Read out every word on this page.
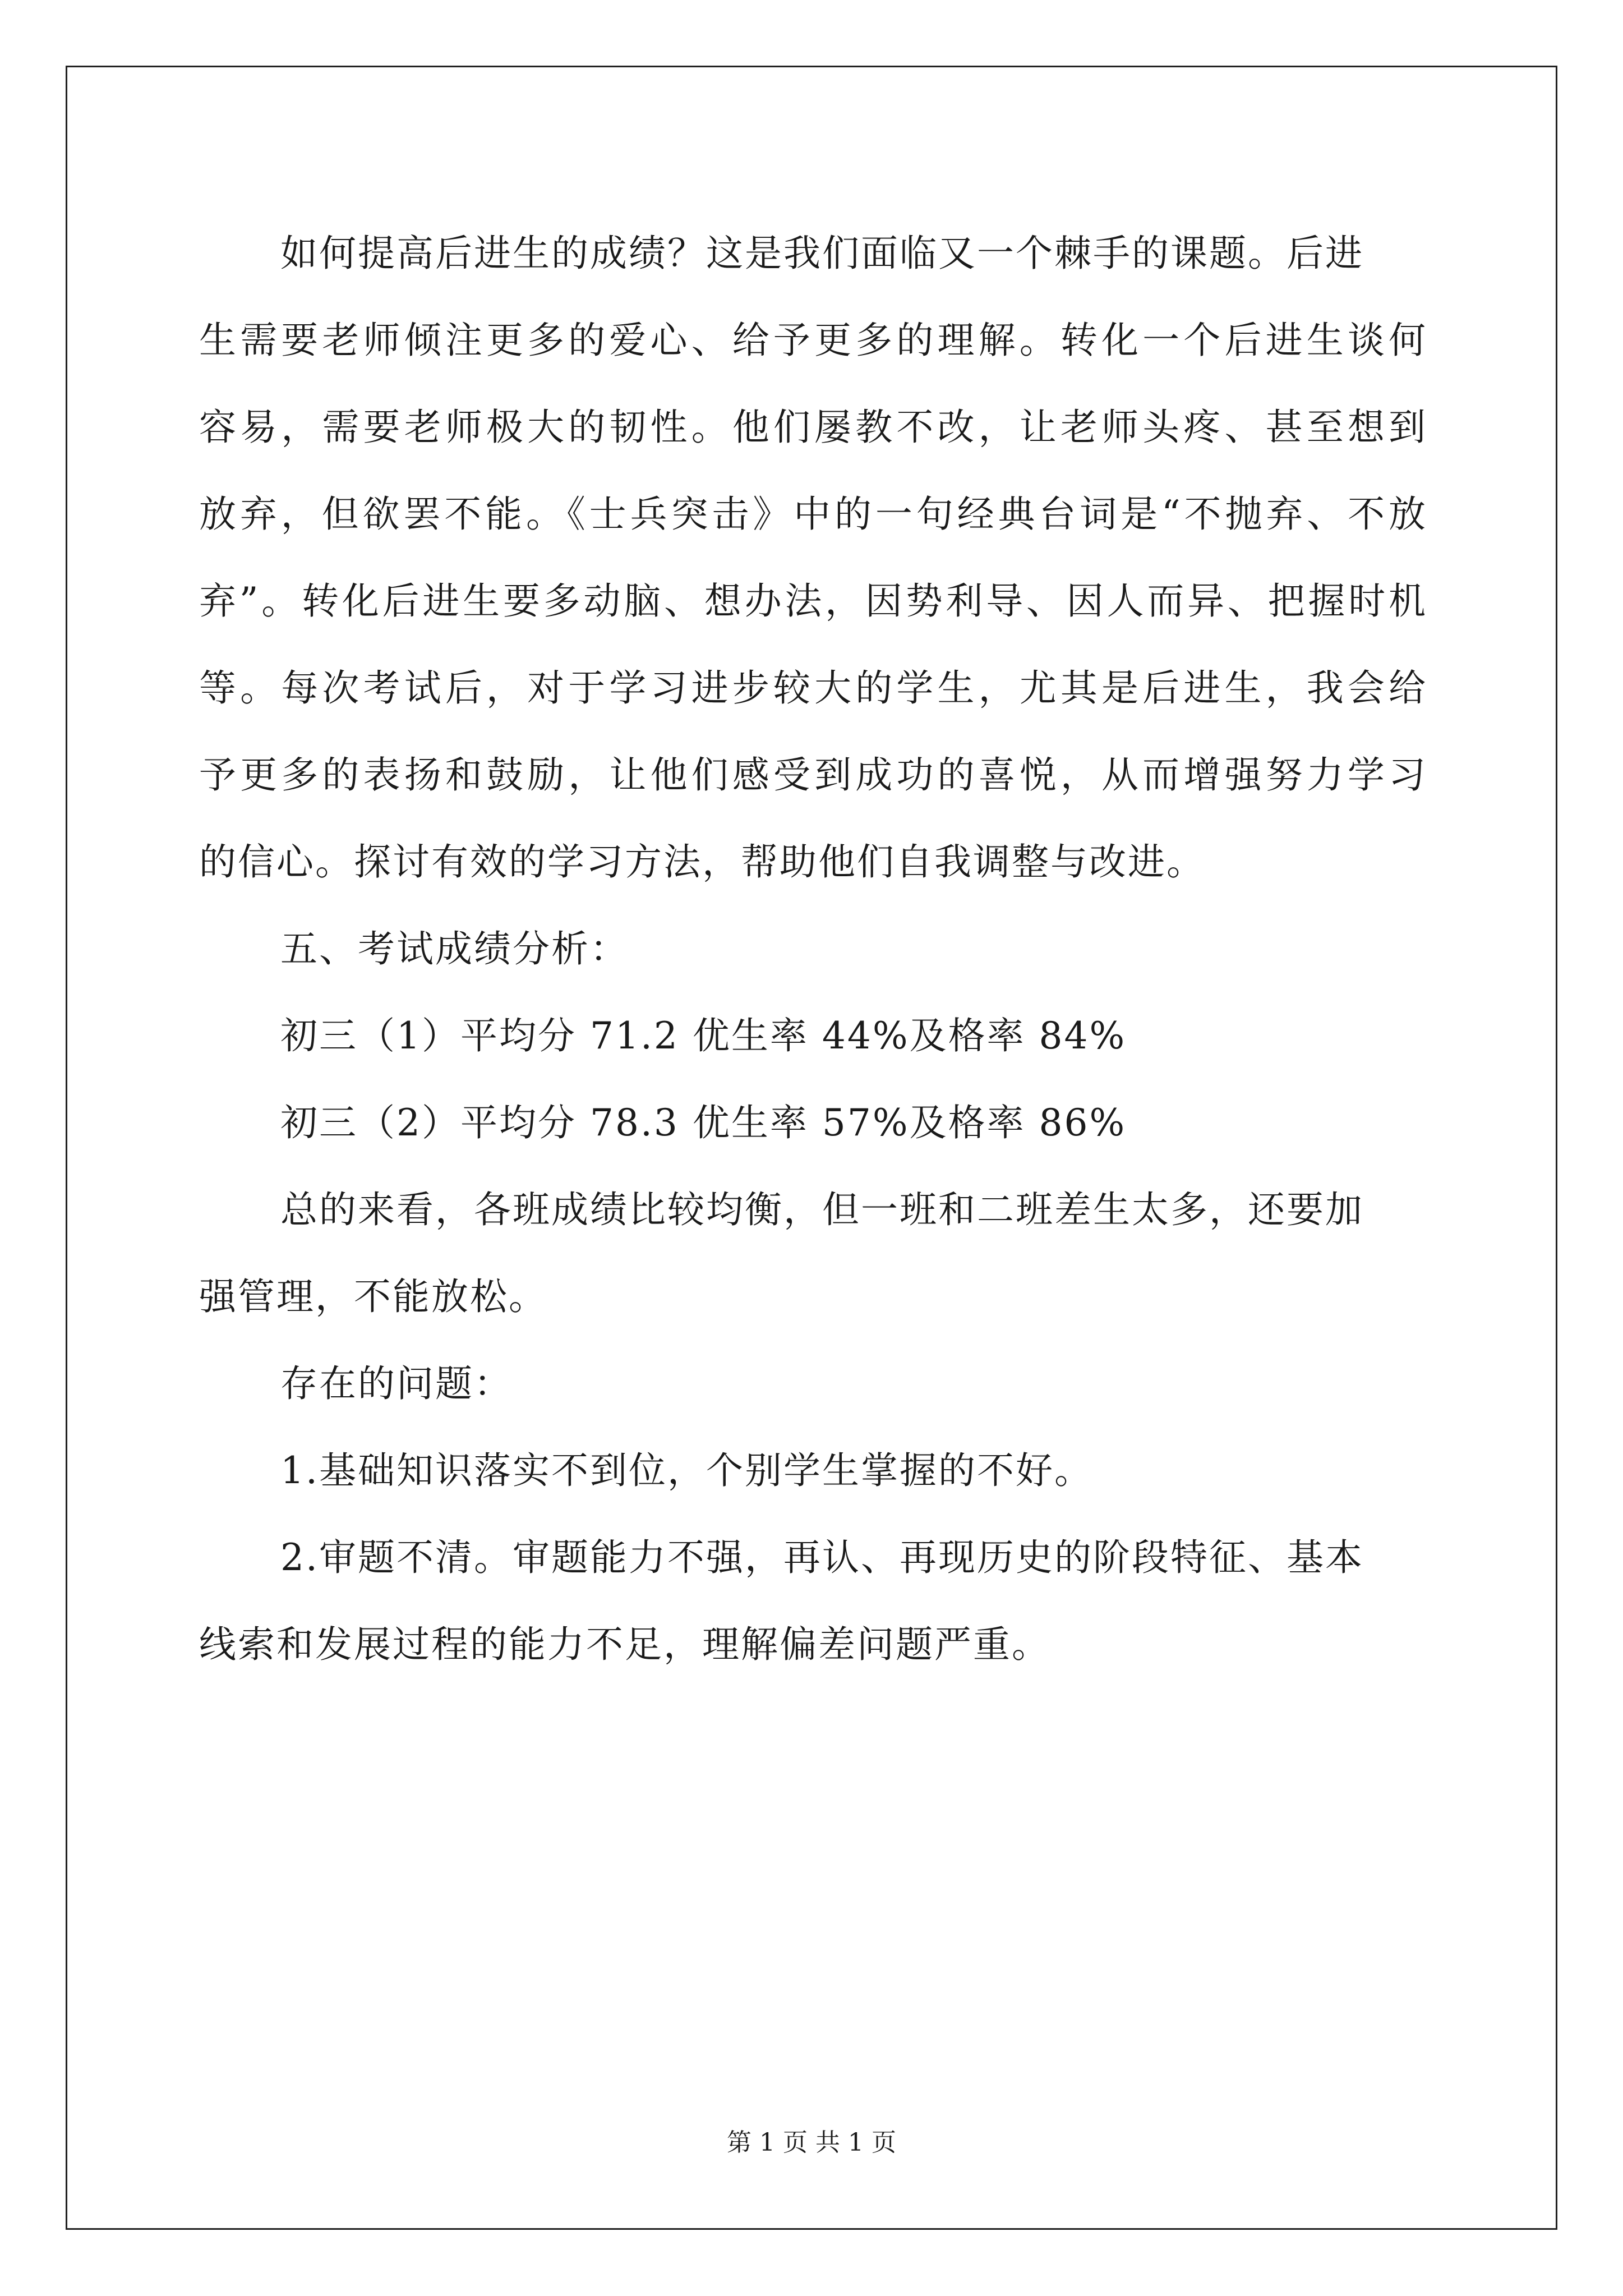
如何提高后进生的成绩？这是我们面临又一个棘手的课题。后进
生需要老师倾注更多的爱心、给予更多的理解。转化一个后进生谈何
容易，需要老师极大的韧性。他们屡教不改，让老师头疼、甚至想到
放弃，但欲罢不能。《士兵突击》中的一句经典台词是“不抛弃、不放
弃”。转化后进生要多动脑、想办法，因势利导、因人而异、把握时机
等。每次考试后，对于学习进步较大的学生，尤其是后进生，我会给
予更多的表扬和鼓励，让他们感受到成功的喜悦，从而增强努力学习
的信心。探讨有效的学习方法，帮助他们自我调整与改进。
五、考试成绩分析：
初三（1）平均分 71.2 优生率 44%及格率 84%
初三（2）平均分 78.3 优生率 57%及格率 86%
总的来看，各班成绩比较均衡，但一班和二班差生太多，还要加
强管理，不能放松。
存在的问题：
1.基础知识落实不到位，个别学生掌握的不好。
2.审题不清。审题能力不强，再认、再现历史的阶段特征、基本
线索和发展过程的能力不足，理解偏差问题严重。
第 1 页 共 1 页
